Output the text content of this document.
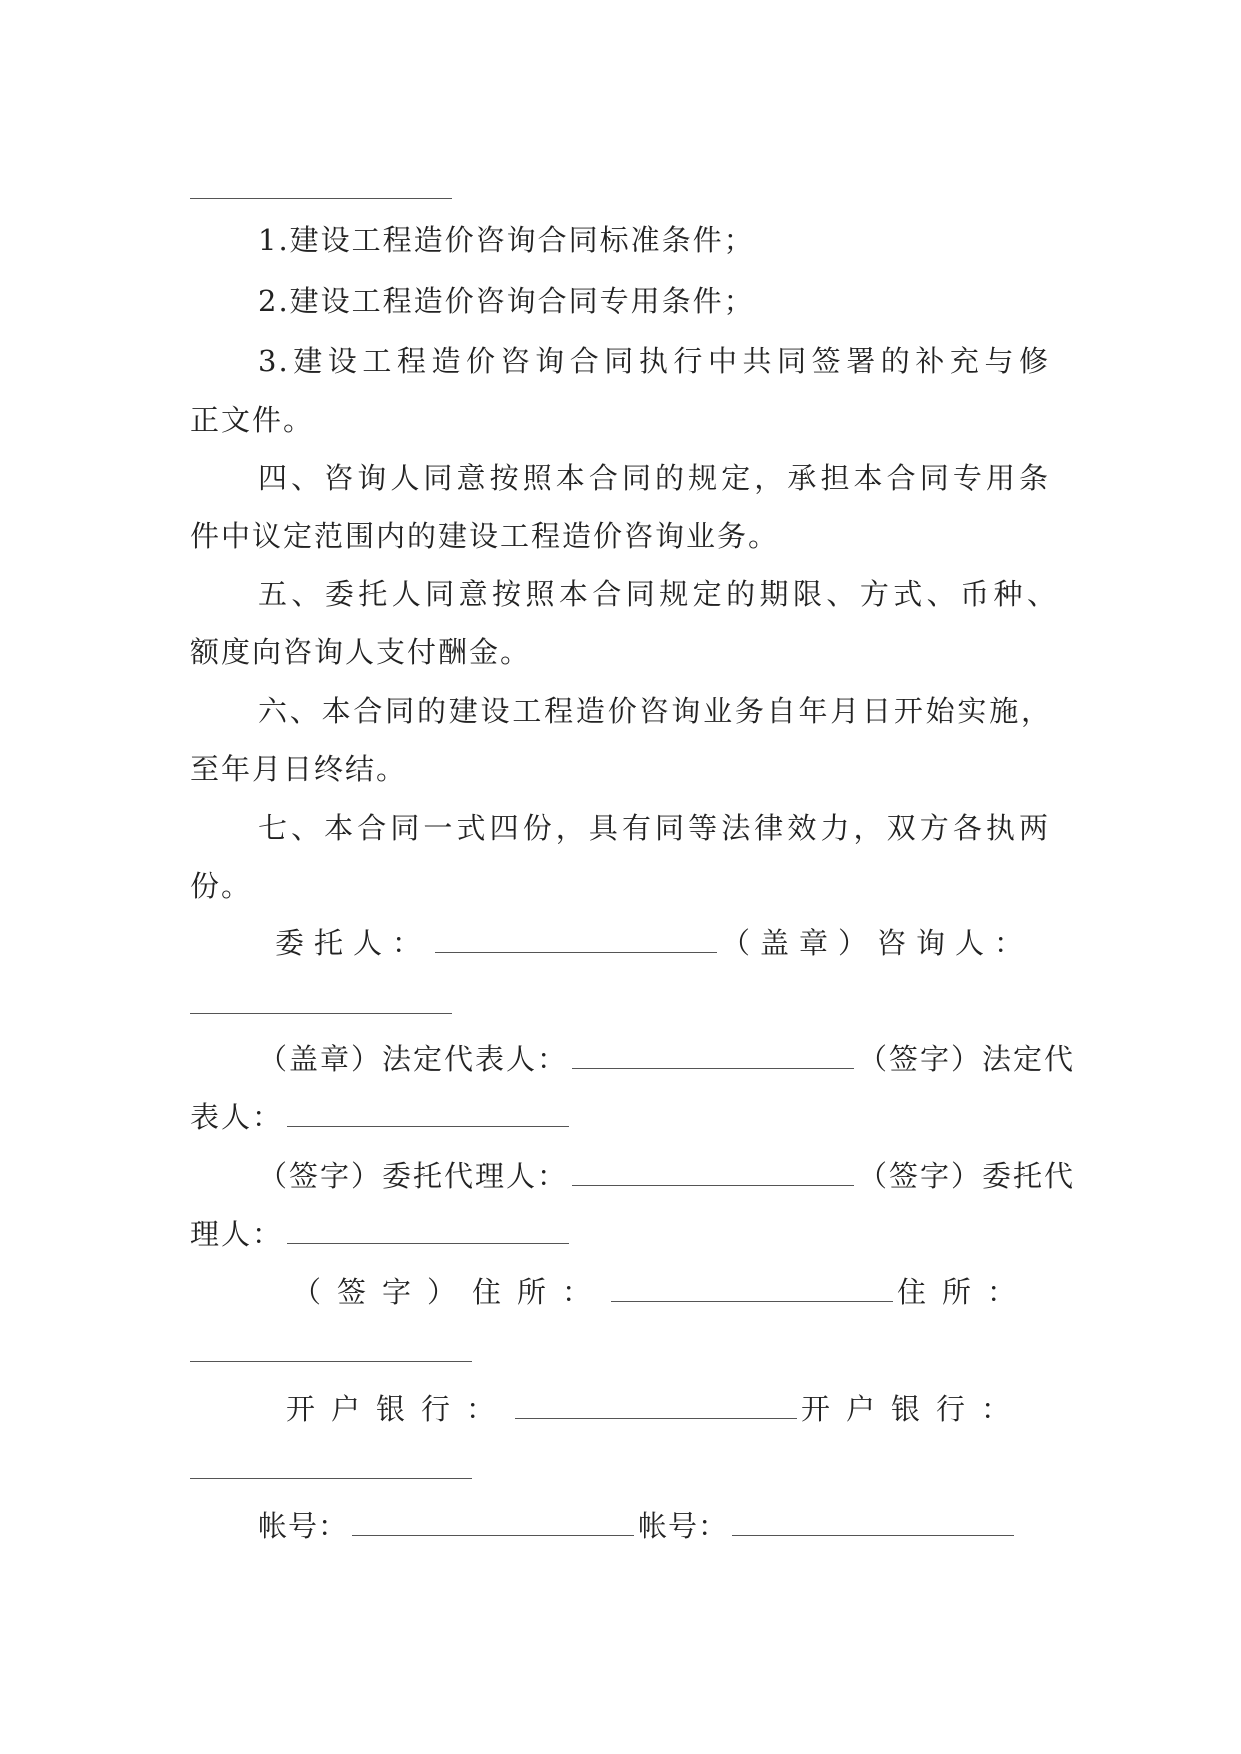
1.建设工程造价咨询合同标准条件；
2.建设工程造价咨询合同专用条件；
3.建设工程造价咨询合同执行中共同签署的补充与修
正文件。
四、咨询人同意按照本合同的规定，承担本合同专用条
件中议定范围内的建设工程造价咨询业务。
五、委托人同意按照本合同规定的期限、方式、币种、
额度向咨询人支付酬金。
六、本合同的建设工程造价咨询业务自年月日开始实施，
至年月日终结。
七、本合同一式四份，具有同等法律效力，双方各执两
份。
委托人：	（盖章）咨询人：
（盖章）法定代表人：	（签字）法定代
表人：
（签字）委托代理人：	（签字）委托代
理人：
（签字）住所：	住所：
开户银行：	开户银行：
帐号：	帐号：
